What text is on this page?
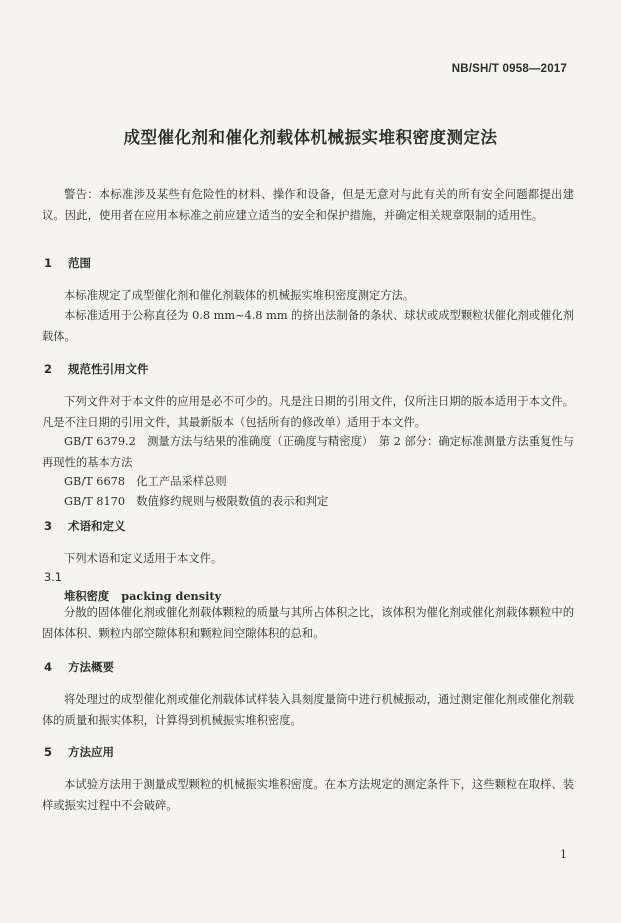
NB/SH/T 0958—2017
成型催化剂和催化剂载体机械振实堆积密度测定法
警告：本标准涉及某些有危险性的材料、操作和设备，但是无意对与此有关的所有安全问题都提出建议。因此，使用者在应用本标准之前应建立适当的安全和保护措施，并确定相关规章限制的适用性。
1 范围
本标准规定了成型催化剂和催化剂载体的机械振实堆积密度测定方法。
本标准适用于公称直径为 0.8 mm~4.8 mm 的挤出法制备的条状、球状或成型颗粒状催化剂或催化剂载体。
2 规范性引用文件
下列文件对于本文件的应用是必不可少的。凡是注日期的引用文件，仅所注日期的版本适用于本文件。凡是不注日期的引用文件，其最新版本（包括所有的修改单）适用于本文件。
GB/T 6379.2　测量方法与结果的准确度（正确度与精密度）　第 2 部分：确定标准测量方法重复性与再现性的基本方法
GB/T 6678　化工产品采样总则
GB/T 8170　数值修约规则与极限数值的表示和判定
3 术语和定义
下列术语和定义适用于本文件。
3.1
堆积密度 packing density
分散的固体催化剂或催化剂载体颗粒的质量与其所占体积之比，该体积为催化剂或催化剂载体颗粒中的固体体积、颗粒内部空隙体积和颗粒间空隙体积的总和。
4 方法概要
将处理过的成型催化剂或催化剂载体试样装入具刻度量筒中进行机械振动，通过测定催化剂或催化剂载体的质量和振实体积，计算得到机械振实堆积密度。
5 方法应用
本试验方法用于测量成型颗粒的机械振实堆积密度。在本方法规定的测定条件下，这些颗粒在取样、装样或振实过程中不会破碎。
1
